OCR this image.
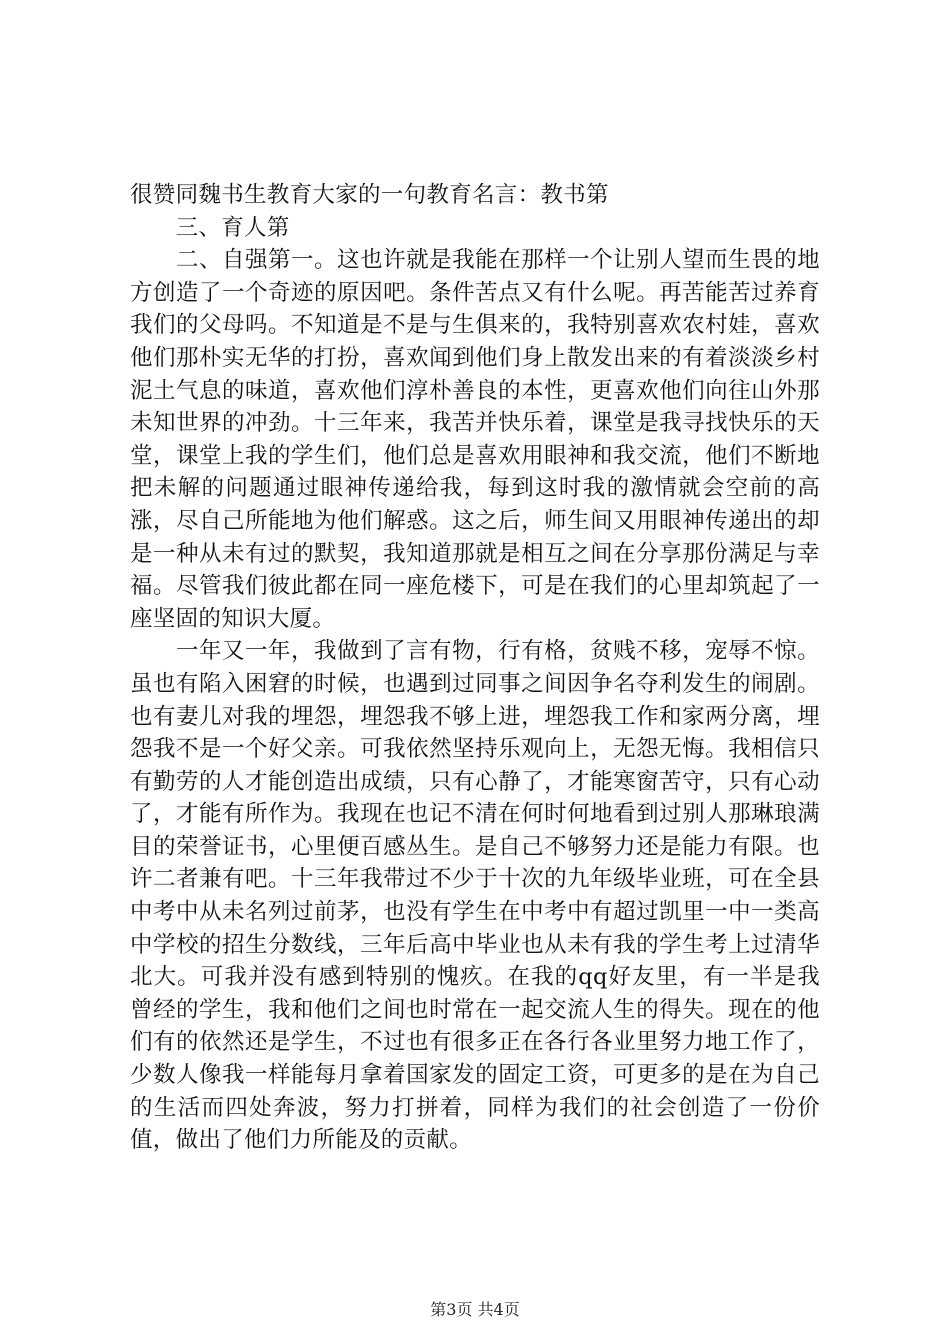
很赞同魏书生教育大家的一句教育名言：教书第

　　三、育人第

　　二、自强第一。这也许就是我能在那样一个让别人望而生畏的地方创造了一个奇迹的原因吧。条件苦点又有什么呢。再苦能苦过养育我们的父母吗。不知道是不是与生俱来的，我特别喜欢农村娃，喜欢他们那朴实无华的打扮，喜欢闻到他们身上散发出来的有着淡淡乡村泥土气息的味道，喜欢他们淳朴善良的本性，更喜欢他们向往山外那未知世界的冲劲。十三年来，我苦并快乐着，课堂是我寻找快乐的天堂，课堂上我的学生们，他们总是喜欢用眼神和我交流，他们不断地把未解的问题通过眼神传递给我，每到这时我的激情就会空前的高涨，尽自己所能地为他们解惑。这之后，师生间又用眼神传递出的却是一种从未有过的默契，我知道那就是相互之间在分享那份满足与幸福。尽管我们彼此都在同一座危楼下，可是在我们的心里却筑起了一座坚固的知识大厦。

　　一年又一年，我做到了言有物，行有格，贫贱不移，宠辱不惊。虽也有陷入困窘的时候，也遇到过同事之间因争名夺利发生的闹剧。也有妻儿对我的埋怨，埋怨我不够上进，埋怨我工作和家两分离，埋怨我不是一个好父亲。可我依然坚持乐观向上，无怨无悔。我相信只有勤劳的人才能创造出成绩，只有心静了，才能寒窗苦守，只有心动了，才能有所作为。我现在也记不清在何时何地看到过别人那琳琅满目的荣誉证书，心里便百感丛生。是自己不够努力还是能力有限。也许二者兼有吧。十三年我带过不少于十次的九年级毕业班，可在全县中考中从未名列过前茅，也没有学生在中考中有超过凯里一中一类高中学校的招生分数线，三年后高中毕业也从未有我的学生考上过清华北大。可我并没有感到特别的愧疚。在我的qq好友里，有一半是我曾经的学生，我和他们之间也时常在一起交流人生的得失。现在的他们有的依然还是学生，不过也有很多正在各行各业里努力地工作了，少数人像我一样能每月拿着国家发的固定工资，可更多的是在为自己的生活而四处奔波，努力打拼着，同样为我们的社会创造了一份价值，做出了他们力所能及的贡献。

第3页 共4页
